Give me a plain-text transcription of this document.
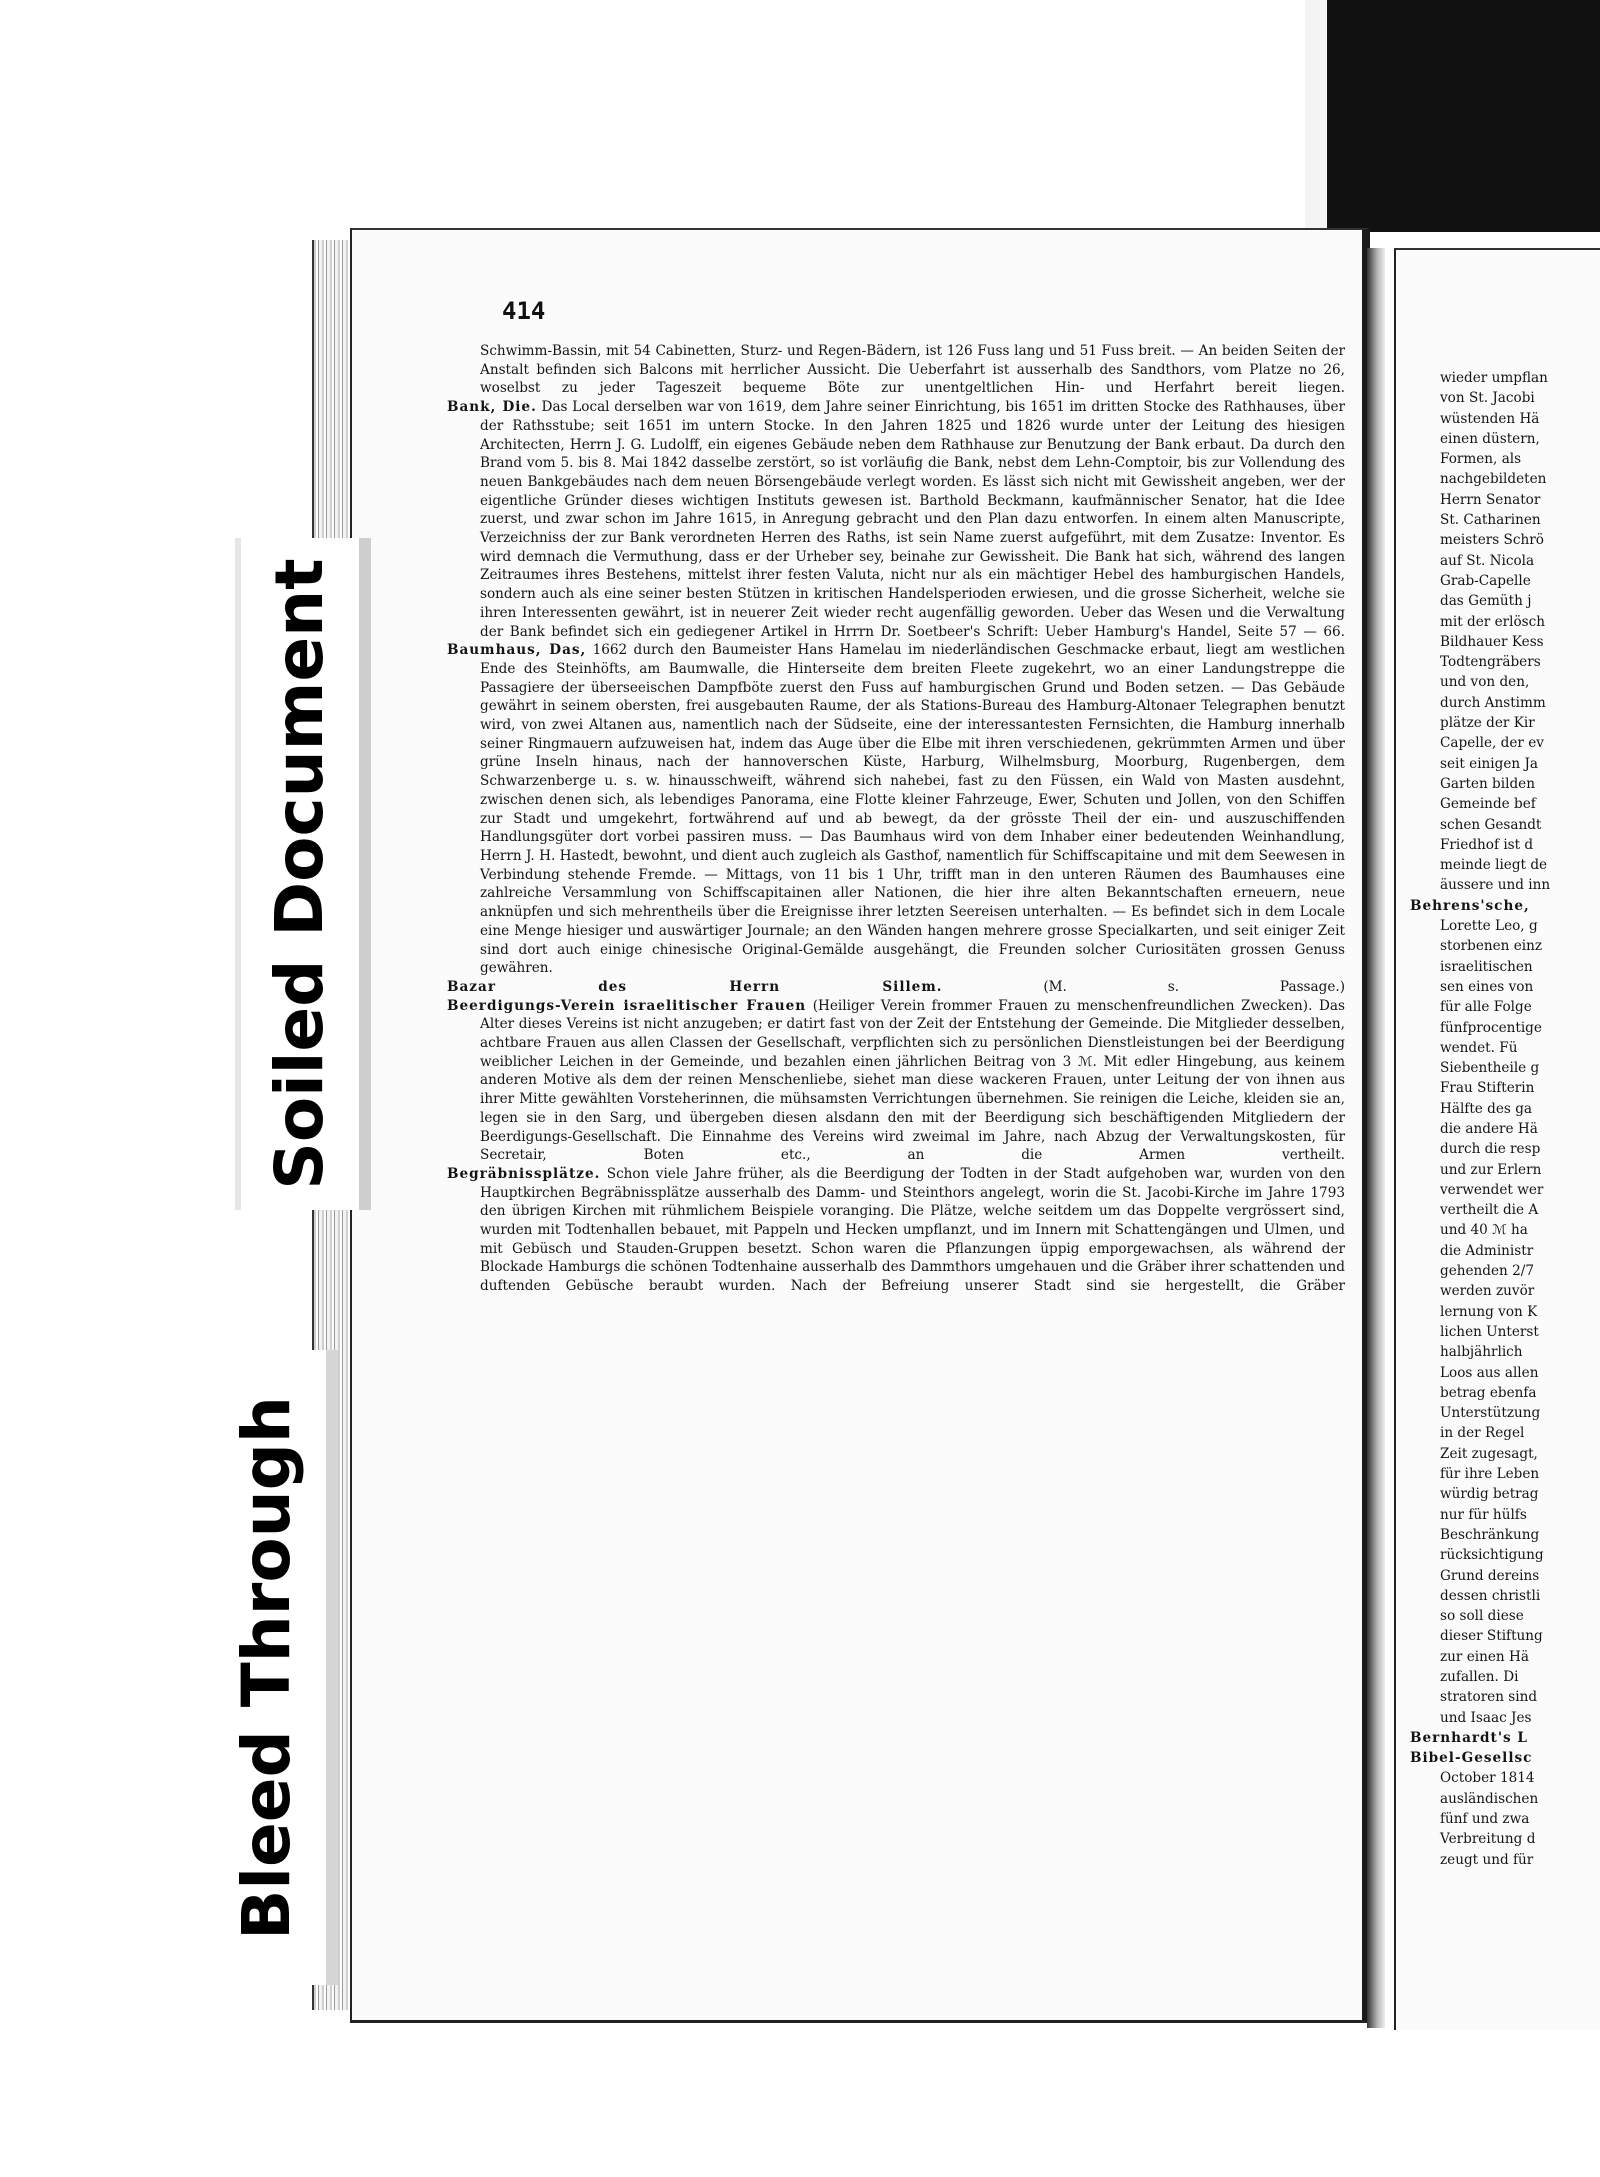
414

Schwimm-Bassin, mit 54 Cabinetten, Sturz- und Regen-Bädern, ist 126 Fuss lang und 51 Fuss breit. — An beiden Seiten der Anstalt befinden sich Balcons mit herrlicher Aussicht. Die Ueberfahrt ist ausserhalb des Sandthors, vom Platze no 26, woselbst zu jeder Tageszeit bequeme Böte zur unentgeltlichen Hin- und Herfahrt bereit liegen.

Bank, Die. Das Local derselben war von 1619, dem Jahre seiner Einrichtung, bis 1651 im dritten Stocke des Rathhauses, über der Rathsstube; seit 1651 im untern Stocke. In den Jahren 1825 und 1826 wurde unter der Leitung des hiesigen Architecten, Herrn J. G. Ludolff, ein eigenes Gebäude neben dem Rathhause zur Benutzung der Bank erbaut. Da durch den Brand vom 5. bis 8. Mai 1842 dasselbe zerstört, so ist vorläufig die Bank, nebst dem Lehn-Comptoir, bis zur Vollendung des neuen Bankgebäudes nach dem neuen Börsengebäude verlegt worden. Es lässt sich nicht mit Gewissheit angeben, wer der eigentliche Gründer dieses wichtigen Instituts gewesen ist. Barthold Beckmann, kaufmännischer Senator, hat die Idee zuerst, und zwar schon im Jahre 1615, in Anregung gebracht und den Plan dazu entworfen. In einem alten Manuscripte, Verzeichniss der zur Bank verordneten Herren des Raths, ist sein Name zuerst aufgeführt, mit dem Zusatze: Inventor. Es wird demnach die Vermuthung, dass er der Urheber sey, beinahe zur Gewissheit. Die Bank hat sich, während des langen Zeitraumes ihres Bestehens, mittelst ihrer festen Valuta, nicht nur als ein mächtiger Hebel des hamburgischen Handels, sondern auch als eine seiner besten Stützen in kritischen Handelsperioden erwiesen, und die grosse Sicherheit, welche sie ihren Interessenten gewährt, ist in neuerer Zeit wieder recht augenfällig geworden. Ueber das Wesen und die Verwaltung der Bank befindet sich ein gediegener Artikel in Hrrrn Dr. Soetbeer's Schrift: Ueber Hamburg's Handel, Seite 57 — 66.

Baumhaus, Das, 1662 durch den Baumeister Hans Hamelau im niederländischen Geschmacke erbaut, liegt am westlichen Ende des Steinhöfts, am Baumwalle, die Hinterseite dem breiten Fleete zugekehrt, wo an einer Landungstreppe die Passagiere der überseeischen Dampfböte zuerst den Fuss auf hamburgischen Grund und Boden setzen. — Das Gebäude gewährt in seinem obersten, frei ausgebauten Raume, der als Stations-Bureau des Hamburg-Altonaer Telegraphen benutzt wird, von zwei Altanen aus, namentlich nach der Südseite, eine der interessantesten Fernsichten, die Hamburg innerhalb seiner Ringmauern aufzuweisen hat, indem das Auge über die Elbe mit ihren verschiedenen, gekrümmten Armen und über grüne Inseln hinaus, nach der hannoverschen Küste, Harburg, Wilhelmsburg, Moorburg, Rugenbergen, dem Schwarzenberge u. s. w. hinausschweift, während sich nahebei, fast zu den Füssen, ein Wald von Masten ausdehnt, zwischen denen sich, als lebendiges Panorama, eine Flotte kleiner Fahrzeuge, Ewer, Schuten und Jollen, von den Schiffen zur Stadt und umgekehrt, fortwährend auf und ab bewegt, da der grösste Theil der ein- und auszuschiffenden Handlungsgüter dort vorbei passiren muss. — Das Baumhaus wird von dem Inhaber einer bedeutenden Weinhandlung, Herrn J. H. Hastedt, bewohnt, und dient auch zugleich als Gasthof, namentlich für Schiffscapitaine und mit dem Seewesen in Verbindung stehende Fremde. — Mittags, von 11 bis 1 Uhr, trifft man in den unteren Räumen des Baumhauses eine zahlreiche Versammlung von Schiffscapitainen aller Nationen, die hier ihre alten Bekanntschaften erneuern, neue anknüpfen und sich mehrentheils über die Ereignisse ihrer letzten Seereisen unterhalten. — Es befindet sich in dem Locale eine Menge hiesiger und auswärtiger Journale; an den Wänden hangen mehrere grosse Specialkarten, und seit einiger Zeit sind dort auch einige chinesische Original-Gemälde ausgehängt, die Freunden solcher Curiositäten grossen Genuss gewähren.

Bazar des Herrn Sillem.	(M. s. Passage.)

Beerdigungs-Verein israelitischer Frauen (Heiliger Verein frommer Frauen zu menschenfreundlichen Zwecken). Das Alter dieses Vereins ist nicht anzugeben; er datirt fast von der Zeit der Entstehung der Gemeinde. Die Mitglieder desselben, achtbare Frauen aus allen Classen der Gesellschaft, verpflichten sich zu persönlichen Dienstleistungen bei der Beerdigung weiblicher Leichen in der Gemeinde, und bezahlen einen jährlichen Beitrag von 3 ℳ. Mit edler Hingebung, aus keinem anderen Motive als dem der reinen Menschenliebe, siehet man diese wackeren Frauen, unter Leitung der von ihnen aus ihrer Mitte gewählten Vorsteherinnen, die mühsamsten Verrichtungen übernehmen. Sie reinigen die Leiche, kleiden sie an, legen sie in den Sarg, und übergeben diesen alsdann den mit der Beerdigung sich beschäftigenden Mitgliedern der Beerdigungs-Gesellschaft. Die Einnahme des Vereins wird zweimal im Jahre, nach Abzug der Verwaltungskosten, für Secretair, Boten etc., an die Armen vertheilt.

Begräbnissplätze. Schon viele Jahre früher, als die Beerdigung der Todten in der Stadt aufgehoben war, wurden von den Hauptkirchen Begräbnissplätze ausserhalb des Damm- und Steinthors angelegt, worin die St. Jacobi-Kirche im Jahre 1793 den übrigen Kirchen mit rühmlichem Beispiele voranging. Die Plätze, welche seitdem um das Doppelte vergrössert sind, wurden mit Todtenhallen bebauet, mit Pappeln und Hecken umpflanzt, und im Innern mit Schattengängen und Ulmen, und mit Gebüsch und Stauden-Gruppen besetzt. Schon waren die Pflanzungen üppig emporgewachsen, als während der Blockade Hamburgs die schönen Todtenhaine ausserhalb des Dammthors umgehauen und die Gräber ihrer schattenden und duftenden Gebüsche beraubt wurden. Nach der Befreiung unserer Stadt sind sie hergestellt, die Gräber

wieder umpflan
von St. Jacobi
wüstenden Hä
einen düstern,
Formen, als
nachgebildeten
Herrn Senator
St. Catharinen
meisters Schrö
auf St. Nicola
Grab-Capelle
das Gemüth j
mit der erlösch
Bildhauer Kess
Todtengräbers
und von den,
durch Anstimm
plätze der Kir
Capelle, der ev
seit einigen Ja
Garten bilden
Gemeinde bef
schen Gesandt
Friedhof ist d
meinde liegt de
äussere und inn
Behrens'sche,
Lorette Leo, g
storbenen einz
israelitischen
sen eines von
für alle Folge
fünfprocentige
wendet. Fü
Siebentheile g
Frau Stifterin
Hälfte des ga
die andere Hä
durch die resp
und zur Erlern
verwendet wer
vertheilt die A
und 40 ℳ ha
die Administr
gehenden 2/7
werden zuvör
lernung von K
lichen Unterst
halbjährlich
Loos aus allen
betrag ebenfa
Unterstützung
in der Regel
Zeit zugesagt,
für ihre Leben
würdig betrag
nur für hülfs
Beschränkung
rücksichtigung
Grund dereins
dessen christli
so soll diese
dieser Stiftung
zur einen Hä
zufallen. Di
stratoren sind
und Isaac Jes
Bernhardt's L
Bibel-Gesellsc
October 1814
ausländischen
fünf und zwa
Verbreitung d
zeugt und für
Soiled Document
Bleed Through
